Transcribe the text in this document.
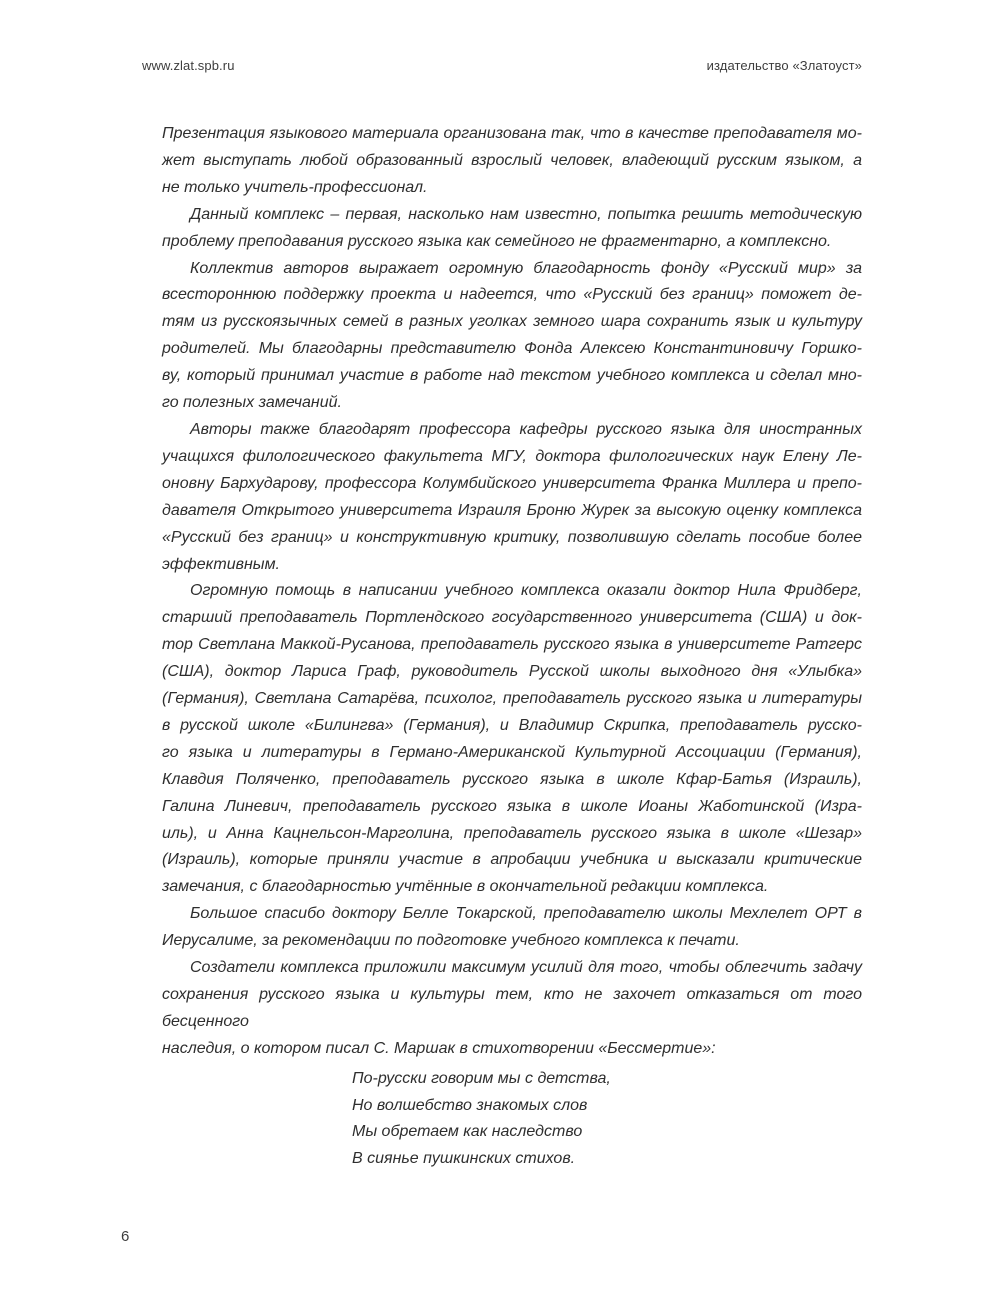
www.zlat.spb.ru	издательство «Златоуст»
Презентация языкового материала организована так, что в качестве преподавателя мо-
жет выступать любой образованный взрослый человек, владеющий русским языком, а
не только учитель-профессионал.
Данный комплекс – первая, насколько нам известно, попытка решить методическую
проблему преподавания русского языка как семейного не фрагментарно, а комплексно.
Коллектив авторов выражает огромную благодарность фонду «Русский мир» за
всестороннюю поддержку проекта и надеется, что «Русский без границ» поможет де-
тям из русскоязычных семей в разных уголках земного шара сохранить язык и культуру
родителей. Мы благодарны представителю Фонда Алексею Константиновичу Горшко-
ву, который принимал участие в работе над текстом учебного комплекса и сделал мно-
го полезных замечаний.
Авторы также благодарят профессора кафедры русского языка для иностранных
учащихся филологического факультета МГУ, доктора филологических наук Елену Ле-
оновну Бархударову, профессора Колумбийского университета Франка Миллера и препо-
давателя Открытого университета Израиля Броню Журек за высокую оценку комплекса
«Русский без границ» и конструктивную критику, позволившую сделать пособие более
эффективным.
Огромную помощь в написании учебного комплекса оказали доктор Нила Фридберг,
старший преподаватель Портлендского государственного университета (США) и док-
тор Светлана Маккой-Русанова, преподаватель русского языка в университете Ратгерс
(США), доктор Лариса Граф, руководитель Русской школы выходного дня «Улыбка»
(Германия), Светлана Сатарёва, психолог, преподаватель русского языка и литературы
в русской школе «Билингва» (Германия), и Владимир Скрипка, преподаватель русско-
го языка и литературы в Германо-Американской Культурной Ассоциации (Германия),
Клавдия Поляченко, преподаватель русского языка в школе Кфар-Батья (Израиль),
Галина Линевич, преподаватель русского языка в школе Иоаны Жаботинской (Изра-
иль), и Анна Кацнельсон-Марголина, преподаватель русского языка в школе «Шезар»
(Израиль), которые приняли участие в апробации учебника и высказали критические
замечания, с благодарностью учтённые в окончательной редакции комплекса.
Большое спасибо доктору Белле Токарской, преподавателю школы Мехлелет ОРТ в
Иерусалиме, за рекомендации по подготовке учебного комплекса к печати.
Создатели комплекса приложили максимум усилий для того, чтобы облегчить задачу
сохранения русского языка и культуры тем, кто не захочет отказаться от того бесценного
наследия, о котором писал С. Маршак в стихотворении «Бессмертие»:
По-русски говорим мы с детства,
Но волшебство знакомых слов
Мы обретаем как наследство
В сиянье пушкинских стихов.
6
